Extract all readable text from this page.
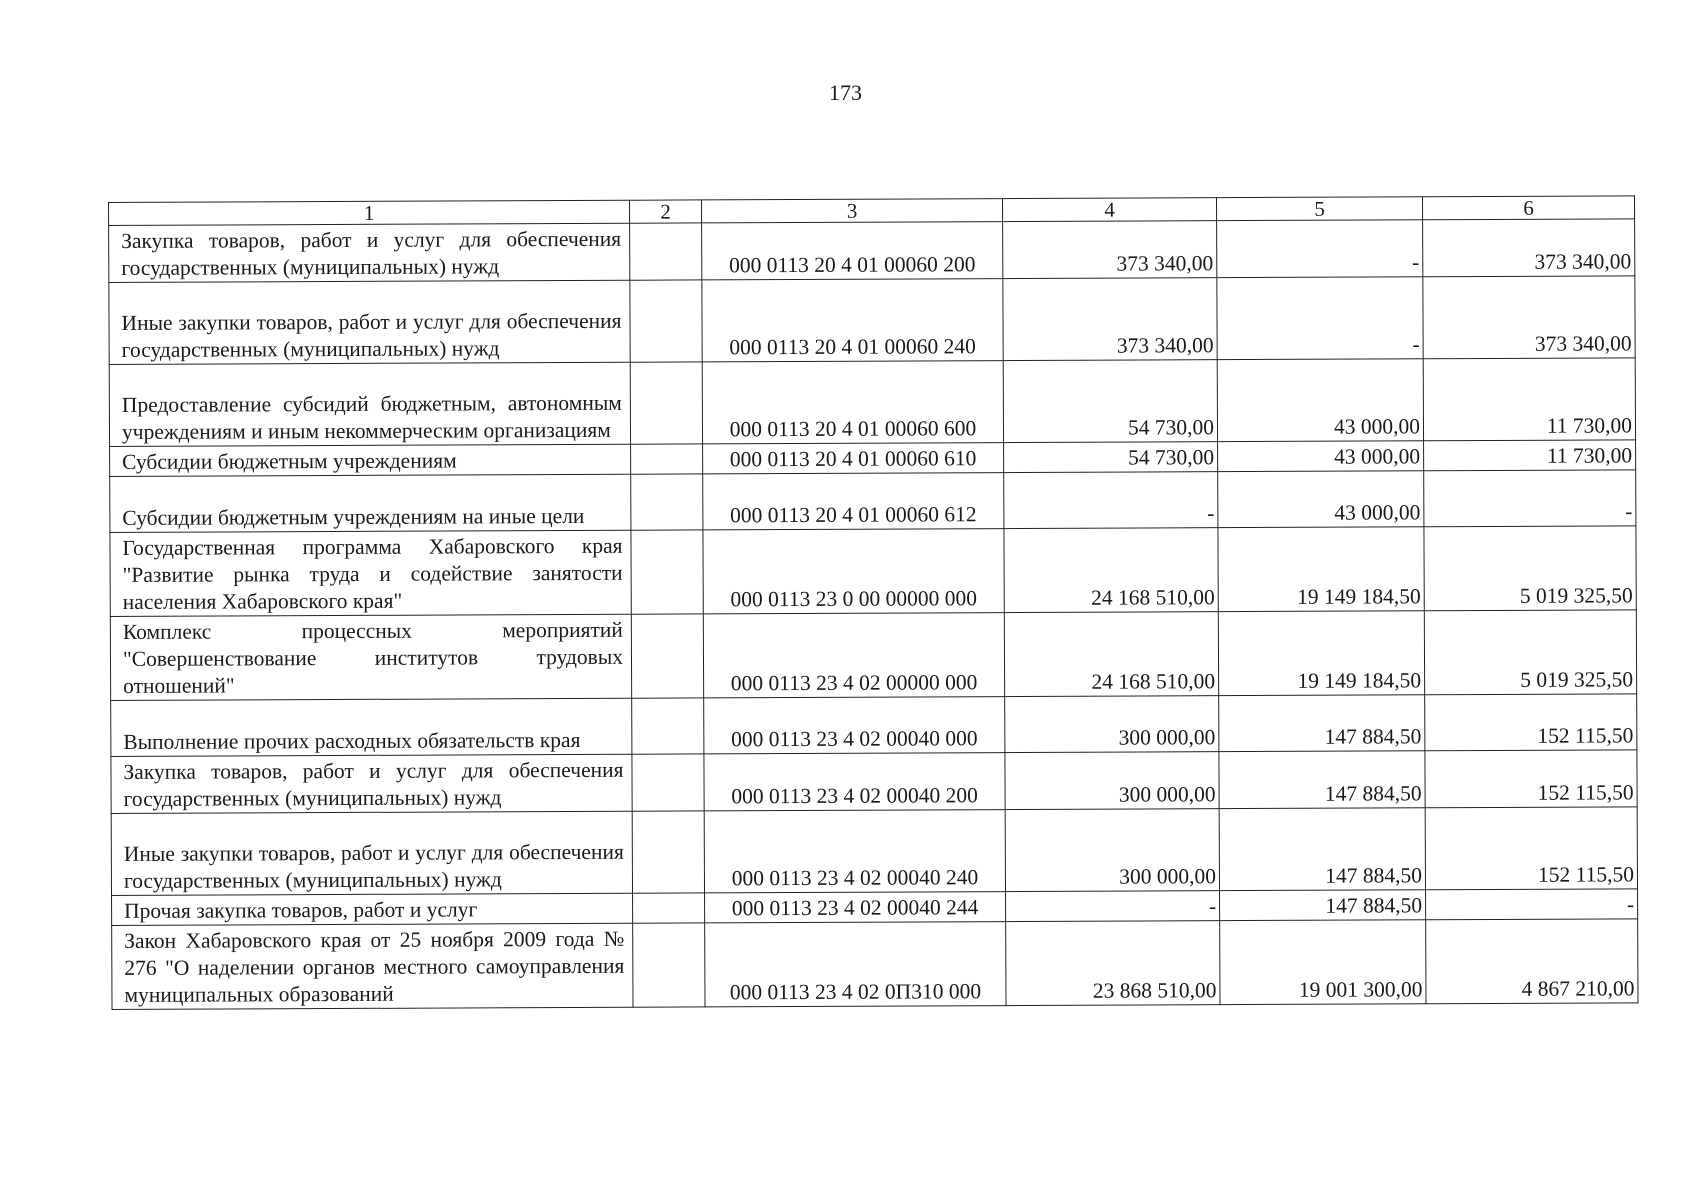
173
1	2	3	4	5	6
Закупка товаров, работ и услуг для обеспечения государственных (муниципальных) нужд		000 0113 20 4 01 00060 200	373 340,00	-	373 340,00
Иные закупки товаров, работ и услуг для обеспечения государственных (муниципальных) нужд		000 0113 20 4 01 00060 240	373 340,00	-	373 340,00
Предоставление субсидий бюджетным, автономным учреждениям и иным некоммерческим организациям		000 0113 20 4 01 00060 600	54 730,00	43 000,00	11 730,00
Субсидии бюджетным учреждениям		000 0113 20 4 01 00060 610	54 730,00	43 000,00	11 730,00
Субсидии бюджетным учреждениям на иные цели		000 0113 20 4 01 00060 612	-	43 000,00	-
Государственная программа Хабаровского края "Развитие рынка труда и содействие занятости населения Хабаровского края"		000 0113 23 0 00 00000 000	24 168 510,00	19 149 184,50	5 019 325,50
Комплекс процессных мероприятий "Совершенствование институтов трудовых отношений"		000 0113 23 4 02 00000 000	24 168 510,00	19 149 184,50	5 019 325,50
Выполнение прочих расходных обязательств края		000 0113 23 4 02 00040 000	300 000,00	147 884,50	152 115,50
Закупка товаров, работ и услуг для обеспечения государственных (муниципальных) нужд		000 0113 23 4 02 00040 200	300 000,00	147 884,50	152 115,50
Иные закупки товаров, работ и услуг для обеспечения государственных (муниципальных) нужд		000 0113 23 4 02 00040 240	300 000,00	147 884,50	152 115,50
Прочая закупка товаров, работ и услуг		000 0113 23 4 02 00040 244	-	147 884,50	-
Закон Хабаровского края от 25 ноября 2009 года № 276 "О наделении органов местного самоуправления муниципальных образований		000 0113 23 4 02 0П310 000	23 868 510,00	19 001 300,00	4 867 210,00
